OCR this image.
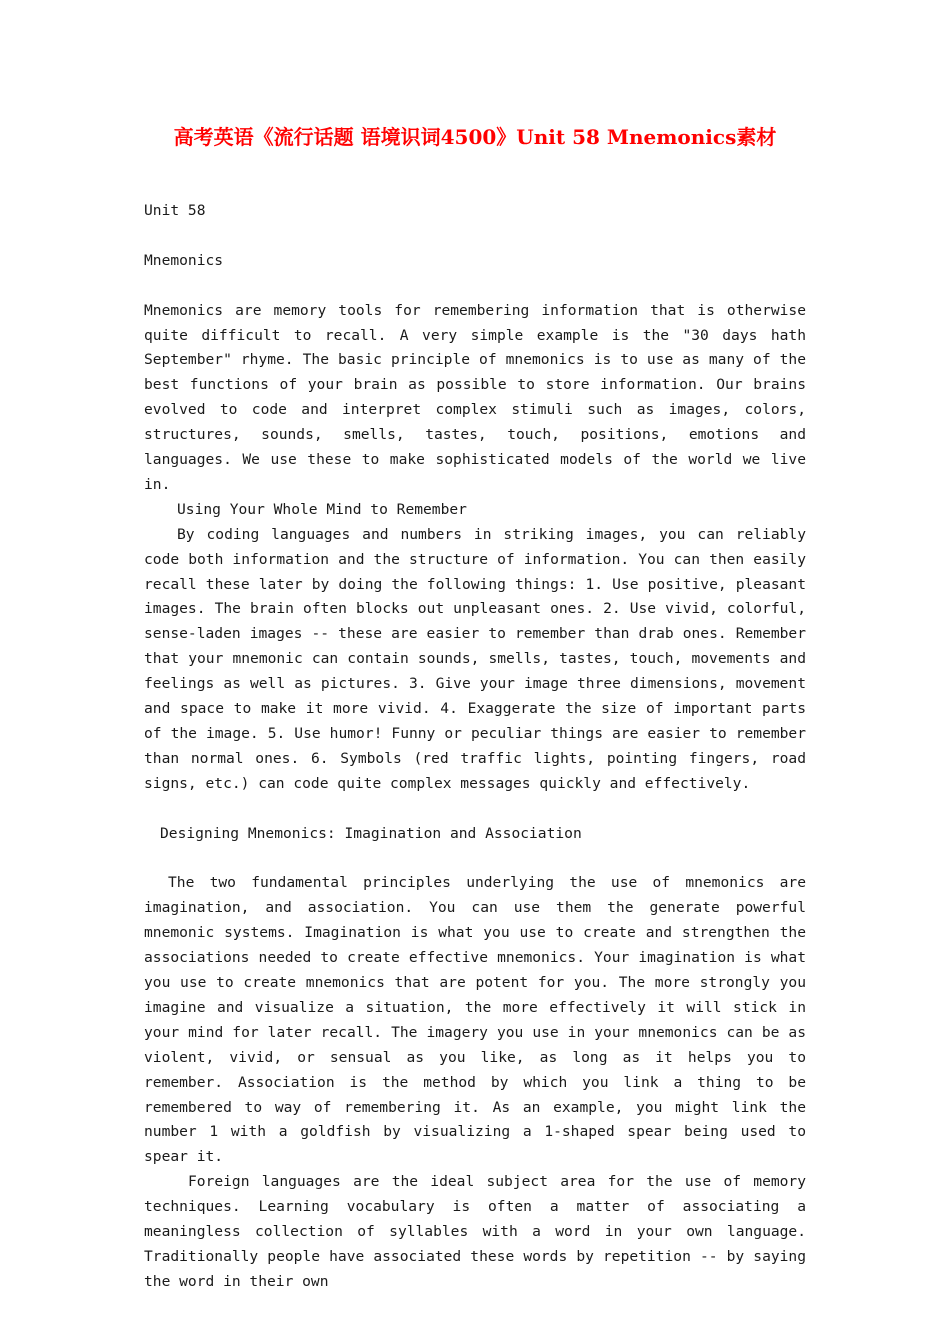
高考英语《流行话题 语境识词4500》Unit 58 Mnemonics素材

Unit 58

Mnemonics

Mnemonics are memory tools for remembering information that is otherwise quite difficult to recall. A very simple example is the "30 days hath September" rhyme. The basic principle of mnemonics is to use as many of the best functions of your brain as possible to store information. Our brains evolved to code and interpret complex stimuli such as images, colors, structures, sounds, smells, tastes, touch, positions, emotions and languages. We use these to make sophisticated models of the world we live in.

Using Your Whole Mind to Remember

By coding languages and numbers in striking images, you can reliably code both information and the structure of information. You can then easily recall these later by doing the following things: 1. Use positive, pleasant images. The brain often blocks out unpleasant ones. 2. Use vivid, colorful, sense-laden images -- these are easier to remember than drab ones. Remember that your mnemonic can contain sounds, smells, tastes, touch, movements and feelings as well as pictures. 3. Give your image three dimensions, movement and space to make it more vivid. 4. Exaggerate the size of important parts of the image. 5. Use humor! Funny or peculiar things are easier to remember than normal ones. 6. Symbols (red traffic lights, pointing fingers, road signs, etc.) can code quite complex messages quickly and effectively.

Designing Mnemonics: Imagination and Association

The two fundamental principles underlying the use of mnemonics are imagination, and association. You can use them the generate powerful mnemonic systems. Imagination is what you use to create and strengthen the associations needed to create effective mnemonics. Your imagination is what you use to create mnemonics that are potent for you. The more strongly you imagine and visualize a situation, the more effectively it will stick in your mind for later recall. The imagery you use in your mnemonics can be as violent, vivid, or sensual as you like, as long as it helps you to remember. Association is the method by which you link a thing to be remembered to way of remembering it. As an example, you might link the number 1 with a goldfish by visualizing a 1-shaped spear being used to spear it.

Foreign languages are the ideal subject area for the use of memory techniques. Learning vocabulary is often a matter of associating a meaningless collection of syllables with a word in your own language. Traditionally people have associated these words by repetition -- by saying the word in their own
